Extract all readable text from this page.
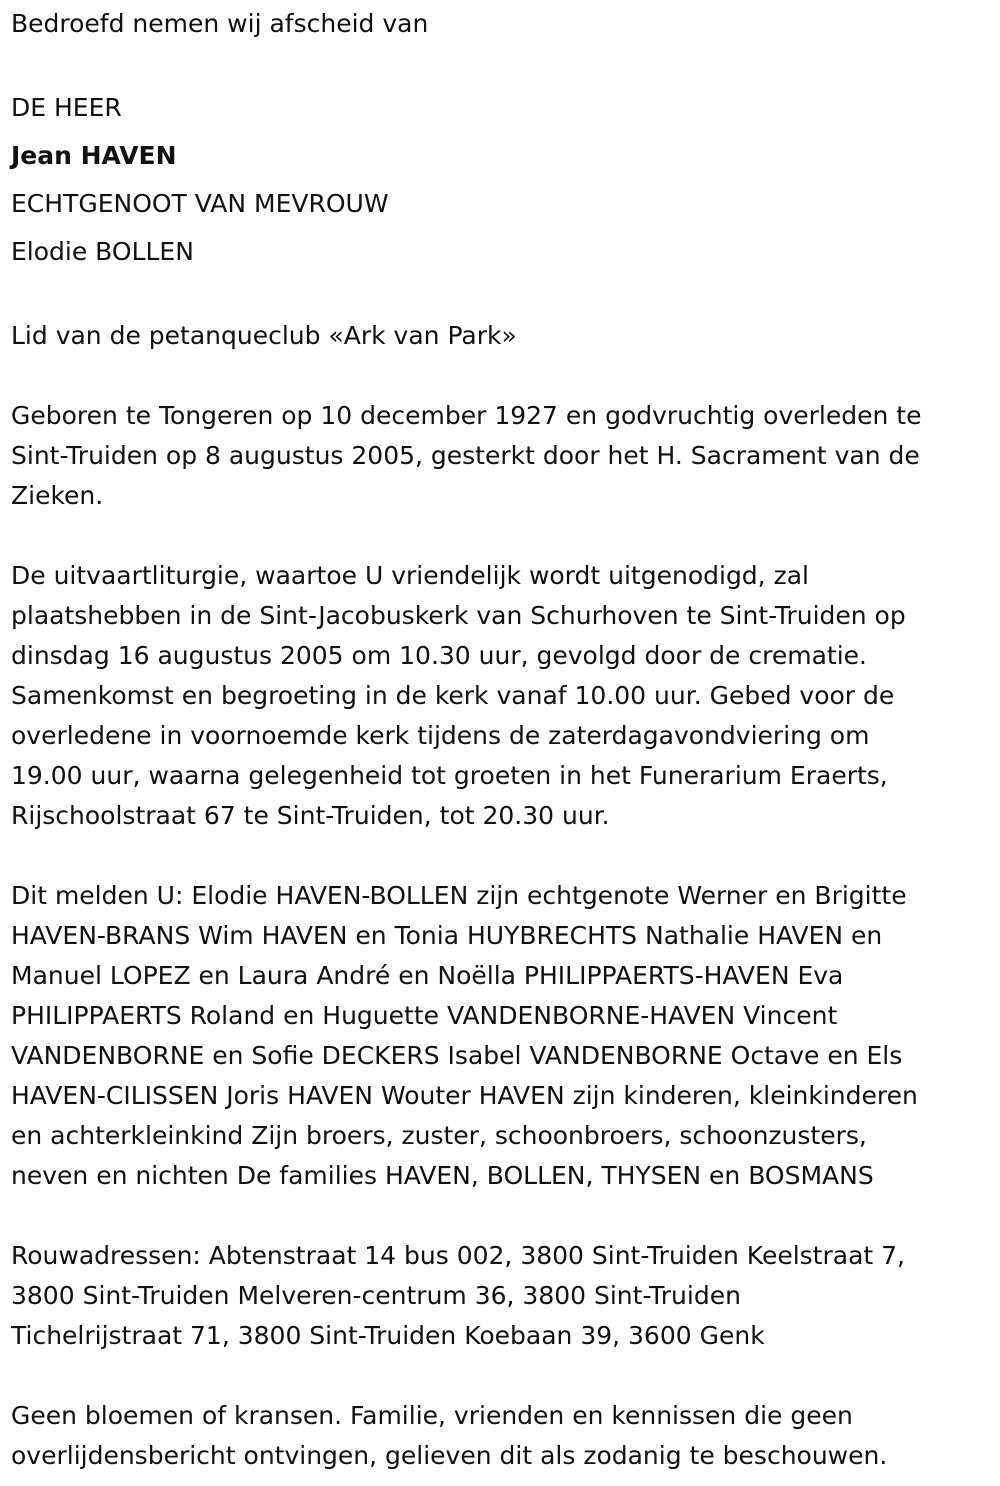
Bedroefd nemen wij afscheid van

DE HEER
Jean HAVEN
ECHTGENOOT VAN MEVROUW
Elodie BOLLEN

Lid van de petanqueclub «Ark van Park»

Geboren te Tongeren op 10 december 1927 en godvruchtig overleden te
Sint-Truiden op 8 augustus 2005, gesterkt door het H. Sacrament van de
Zieken.

De uitvaartliturgie, waartoe U vriendelijk wordt uitgenodigd, zal
plaatshebben in de Sint-Jacobuskerk van Schurhoven te Sint-Truiden op
dinsdag 16 augustus 2005 om 10.30 uur, gevolgd door de crematie.
Samenkomst en begroeting in de kerk vanaf 10.00 uur. Gebed voor de
overledene in voornoemde kerk tijdens de zaterdagavondviering om
19.00 uur, waarna gelegenheid tot groeten in het Funerarium Eraerts,
Rijschoolstraat 67 te Sint-Truiden, tot 20.30 uur.

Dit melden U: Elodie HAVEN-BOLLEN zijn echtgenote Werner en Brigitte
HAVEN-BRANS Wim HAVEN en Tonia HUYBRECHTS Nathalie HAVEN en
Manuel LOPEZ en Laura André en Noëlla PHILIPPAERTS-HAVEN Eva
PHILIPPAERTS Roland en Huguette VANDENBORNE-HAVEN Vincent
VANDENBORNE en Sofie DECKERS Isabel VANDENBORNE Octave en Els
HAVEN-CILISSEN Joris HAVEN Wouter HAVEN zijn kinderen, kleinkinderen
en achterkleinkind Zijn broers, zuster, schoonbroers, schoonzusters,
neven en nichten De families HAVEN, BOLLEN, THYSEN en BOSMANS

Rouwadressen: Abtenstraat 14 bus 002, 3800 Sint-Truiden Keelstraat 7,
3800 Sint-Truiden Melveren-centrum 36, 3800 Sint-Truiden
Tichelrijstraat 71, 3800 Sint-Truiden Koebaan 39, 3600 Genk

Geen bloemen of kransen. Familie, vrienden en kennissen die geen
overlijdensbericht ontvingen, gelieven dit als zodanig te beschouwen.
